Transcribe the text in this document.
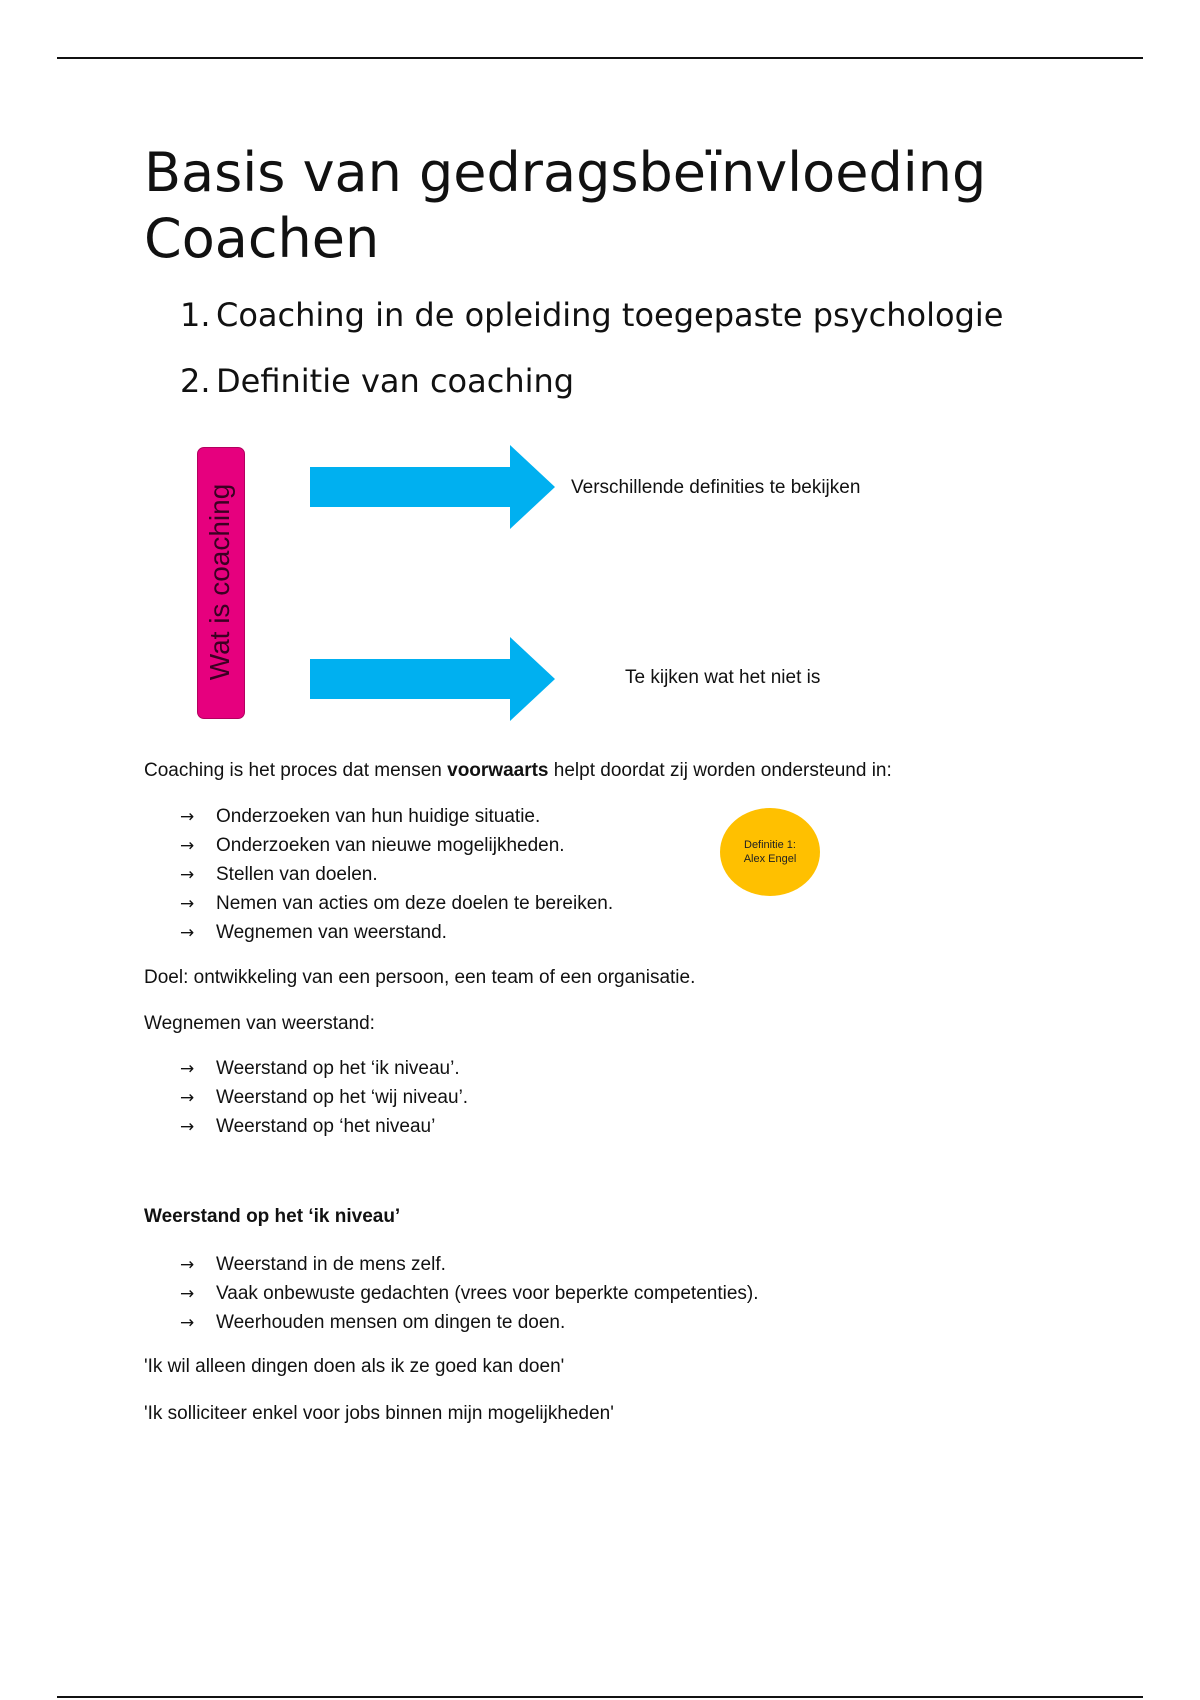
Basis van gedragsbeïnvloeding
Coachen
1. Coaching in de opleiding toegepaste psychologie
2. Definitie van coaching
Wat is coaching	Verschillende definities te bekijken
Te kijken wat het niet is

Coaching is het proces dat mensen voorwaarts helpt doordat zij worden ondersteund in:

→	Onderzoeken van hun huidige situatie.
→	Onderzoeken van nieuwe mogelijkheden.
→	Stellen van doelen.
→	Nemen van acties om deze doelen te bereiken.
→	Wegnemen van weerstand.
Definitie 1:
Alex Engel

Doel: ontwikkeling van een persoon, een team of een organisatie.

Wegnemen van weerstand:

→	Weerstand op het ‘ik niveau’.
→	Weerstand op het ‘wij niveau’.
→	Weerstand op ‘het niveau’

Weerstand op het ‘ik niveau’

→	Weerstand in de mens zelf.
→	Vaak onbewuste gedachten (vrees voor beperkte competenties).
→	Weerhouden mensen om dingen te doen.

'Ik wil alleen dingen doen als ik ze goed kan doen'

'Ik solliciteer enkel voor jobs binnen mijn mogelijkheden'
